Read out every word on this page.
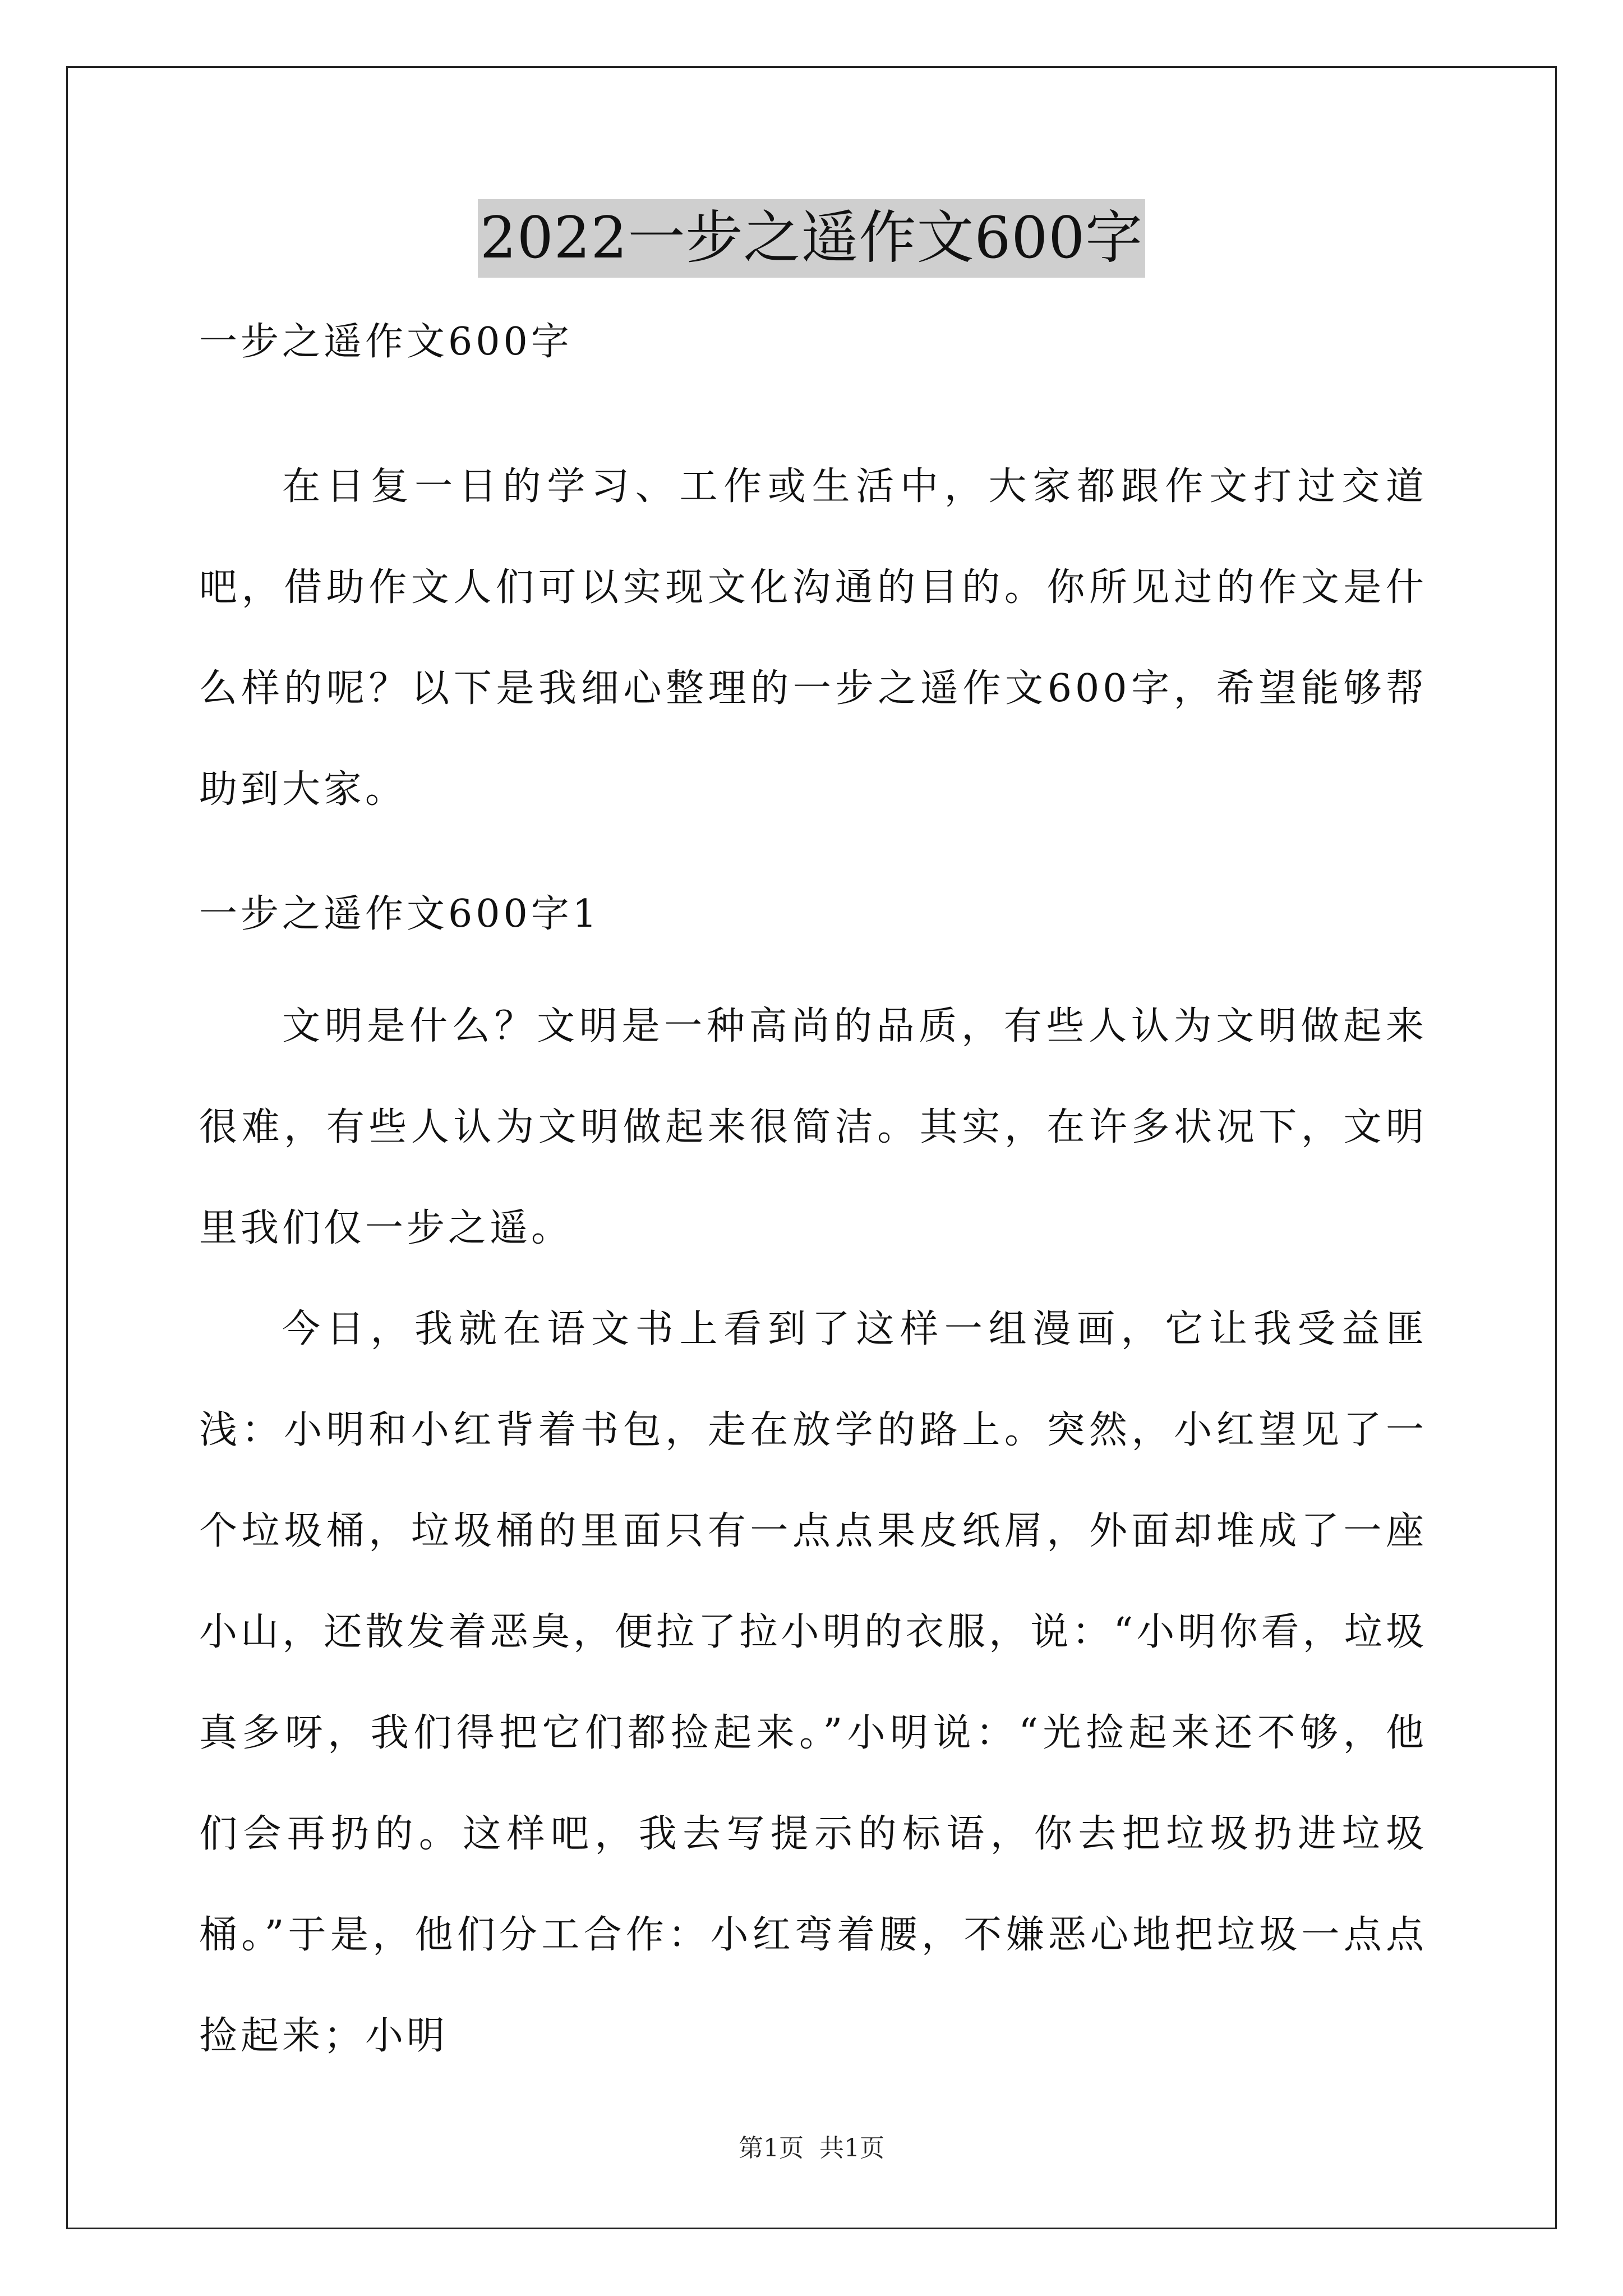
2022一步之遥作文600字
一步之遥作文600字
在日复一日的学习、工作或生活中，大家都跟作文打过交道吧，借助作文人们可以实现文化沟通的目的。你所见过的作文是什么样的呢？以下是我细心整理的一步之遥作文600字，希望能够帮助到大家。
一步之遥作文600字1
文明是什么？文明是一种高尚的品质，有些人认为文明做起来很难，有些人认为文明做起来很简洁。其实，在许多状况下，文明里我们仅一步之遥。
今日，我就在语文书上看到了这样一组漫画，它让我受益匪浅：小明和小红背着书包，走在放学的路上。突然，小红望见了一个垃圾桶，垃圾桶的里面只有一点点果皮纸屑，外面却堆成了一座小山，还散发着恶臭，便拉了拉小明的衣服，说：“小明你看，垃圾真多呀，我们得把它们都捡起来。”小明说：“光捡起来还不够，他们会再扔的。这样吧，我去写提示的标语，你去把垃圾扔进垃圾桶。”于是，他们分工合作：小红弯着腰，不嫌恶心地把垃圾一点点捡起来；小明
第1页 共1页
